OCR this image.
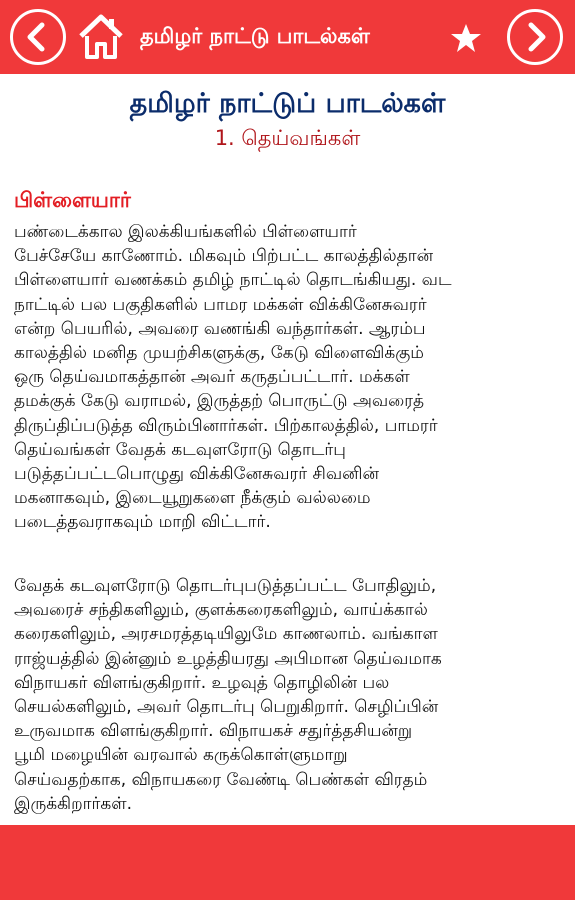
தமிழர் நாட்டு பாடல்கள்
தமிழர் நாட்டுப் பாடல்கள்
1. தெய்வங்கள்
பிள்ளையார்
பண்டைக்கால இலக்கியங்களில் பிள்ளையார்
பேச்சேயே காணோம். மிகவும் பிற்பட்ட காலத்தில்தான்
பிள்ளையார் வணக்கம் தமிழ் நாட்டில் தொடங்கியது. வட
நாட்டில் பல பகுதிகளில் பாமர மக்கள் விக்கினேசுவரர்
என்ற பெயரில், அவரை வணங்கி வந்தார்கள். ஆரம்ப
காலத்தில் மனித முயற்சிகளுக்கு, கேடு விளைவிக்கும்
ஒரு தெய்வமாகத்தான் அவர் கருதப்பட்டார். மக்கள்
தமக்குக் கேடு வராமல், இருத்தற் பொருட்டு அவரைத்
திருப்திப்படுத்த விரும்பினார்கள். பிற்காலத்தில், பாமரர்
தெய்வங்கள் வேதக் கடவுளரோடு தொடர்பு
படுத்தப்பட்டபொழுது விக்கினேசுவரர் சிவனின்
மகனாகவும், இடையூறுகளை நீக்கும் வல்லமை
படைத்தவராகவும் மாறி விட்டார்.
வேதக் கடவுளரோடு தொடர்புபடுத்தப்பட்ட போதிலும்,
அவரைச் சந்திகளிலும், குளக்கரைகளிலும், வாய்க்கால்
கரைகளிலும், அரசமரத்தடியிலுமே காணலாம். வங்காள
ராஜ்யத்தில் இன்னும் உழத்தியரது அபிமான தெய்வமாக
விநாயகர் விளங்குகிறார். உழவுத் தொழிலின் பல
செயல்களிலும், அவர் தொடர்பு பெறுகிறார். செழிப்பின்
உருவமாக விளங்குகிறார். விநாயகச் சதுர்த்தசியன்று
பூமி மழையின் வரவால் கருக்கொள்ளுமாறு
செய்வதற்காக, விநாயகரை வேண்டி பெண்கள் விரதம்
இருக்கிறார்கள்.
